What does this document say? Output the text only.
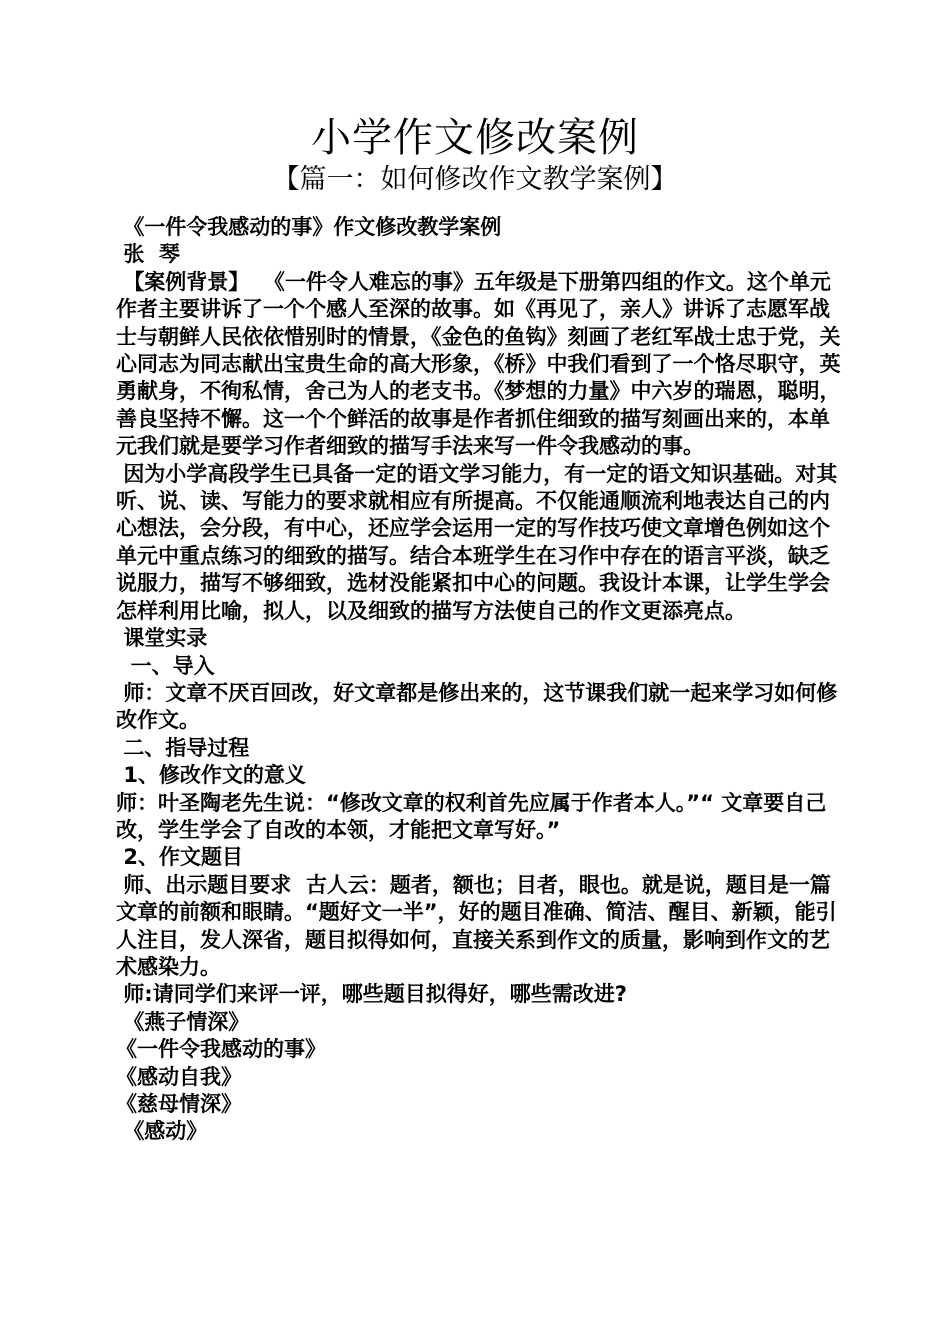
小学作文修改案例
【篇一：如何修改作文教学案例】

《一件令我感动的事》作文修改教学案例

张  琴

【案例背景】  《一件令人难忘的事》五年级是下册第四组的作文。这个单元作者主要讲诉了一个个感人至深的故事。如《再见了，亲人》讲诉了志愿军战士与朝鲜人民依依惜别时的情景，《金色的鱼钩》刻画了老红军战士忠于党，关心同志为同志献出宝贵生命的高大形象，《桥》中我们看到了一个恪尽职守，英勇献身，不徇私情，舍己为人的老支书。《梦想的力量》中六岁的瑞恩，聪明，善良坚持不懈。这一个个鲜活的故事是作者抓住细致的描写刻画出来的，本单元我们就是要学习作者细致的描写手法来写一件令我感动的事。

因为小学高段学生已具备一定的语文学习能力，有一定的语文知识基础。对其听、说、读、写能力的要求就相应有所提高。不仅能通顺流利地表达自己的内心想法，会分段，有中心，还应学会运用一定的写作技巧使文章增色例如这个单元中重点练习的细致的描写。结合本班学生在习作中存在的语言平淡，缺乏说服力，描写不够细致，选材没能紧扣中心的问题。我设计本课，让学生学会怎样利用比喻，拟人，以及细致的描写方法使自己的作文更添亮点。

课堂实录

一、导入

师：文章不厌百回改，好文章都是修出来的，这节课我们就一起来学习如何修改作文。

二、指导过程

1、修改作文的意义

师：叶圣陶老先生说：“修改文章的权利首先应属于作者本人。”“ 文章要自己改，学生学会了自改的本领，才能把文章写好。”

2、作文题目

师、出示题目要求  古人云：题者，额也；目者，眼也。就是说，题目是一篇文章的前额和眼睛。“题好文一半”，好的题目准确、简洁、醒目、新颖，能引人注目，发人深省，题目拟得如何，直接关系到作文的质量，影响到作文的艺术感染力。

师:请同学们来评一评，哪些题目拟得好，哪些需改进?

《燕子情深》

《一件令我感动的事》

《感动自我》

《慈母情深》

《感动》
